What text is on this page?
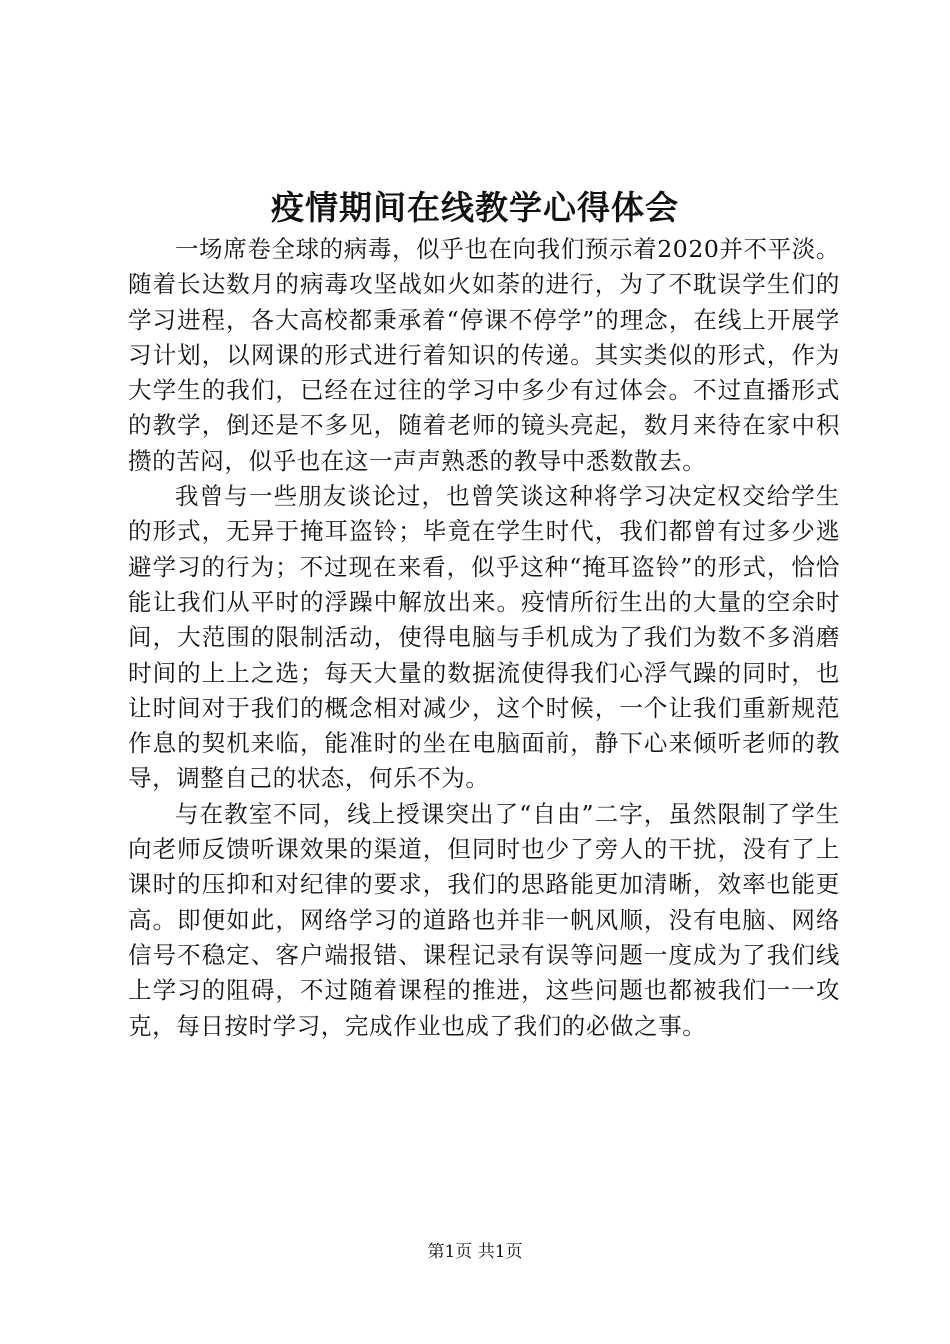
疫情期间在线教学心得体会

一场席卷全球的病毒，似乎也在向我们预示着2020并不平淡。随着长达数月的病毒攻坚战如火如荼的进行，为了不耽误学生们的学习进程，各大高校都秉承着“停课不停学”的理念，在线上开展学习计划，以网课的形式进行着知识的传递。其实类似的形式，作为大学生的我们，已经在过往的学习中多少有过体会。不过直播形式的教学，倒还是不多见，随着老师的镜头亮起，数月来待在家中积攒的苦闷，似乎也在这一声声熟悉的教导中悉数散去。

我曾与一些朋友谈论过，也曾笑谈这种将学习决定权交给学生的形式，无异于掩耳盗铃；毕竟在学生时代，我们都曾有过多少逃避学习的行为；不过现在来看，似乎这种“掩耳盗铃”的形式，恰恰能让我们从平时的浮躁中解放出来。疫情所衍生出的大量的空余时间，大范围的限制活动，使得电脑与手机成为了我们为数不多消磨时间的上上之选；每天大量的数据流使得我们心浮气躁的同时，也让时间对于我们的概念相对减少，这个时候，一个让我们重新规范作息的契机来临，能准时的坐在电脑面前，静下心来倾听老师的教导，调整自己的状态，何乐不为。

与在教室不同，线上授课突出了“自由”二字，虽然限制了学生向老师反馈听课效果的渠道，但同时也少了旁人的干扰，没有了上课时的压抑和对纪律的要求，我们的思路能更加清晰，效率也能更高。即便如此，网络学习的道路也并非一帆风顺，没有电脑、网络信号不稳定、客户端报错、课程记录有误等问题一度成为了我们线上学习的阻碍，不过随着课程的推进，这些问题也都被我们一一攻克，每日按时学习，完成作业也成了我们的必做之事。

第1页 共1页
